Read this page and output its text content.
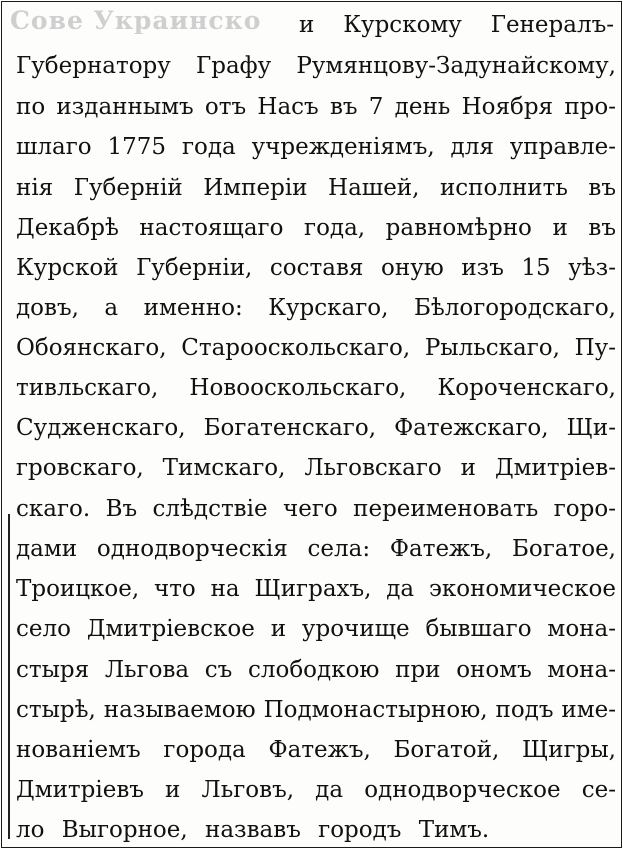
Сове Украинско	и Курскому Генералъ-
Губернатору Графу Румянцову-Задунайскому,
по изданнымъ отъ Насъ въ 7 день Ноября про-
шлаго 1775 года учрежденіямъ, для управле-
нія Губерній Имперіи Нашей, исполнить въ
Декабрѣ настоящаго года, равномѣрно и въ
Курской Губерніи, составя оную изъ 15 уѣз-
довъ, а именно: Курскаго, Бѣлогородскаго,
Обоянскаго, Старооскольскаго, Рыльскаго, Пу-
тивльскаго, Новооскольскаго, Короченскаго,
Судженскаго, Богатенскаго, Фатежскаго, Щи-
гровскаго, Тимскаго, Льговскаго и Дмитріев-
скаго. Въ слѣдствіе чего переименовать горо-
дами однодворческія села: Фатежъ, Богатое,
Троицкое, что на Щиграхъ, да экономическое
село Дмитріевское и урочище бывшаго мона-
стыря Льгова съ слободкою при ономъ мона-
стырѣ, называемою Подмонастырною, подъ име-
нованіемъ города Фатежъ, Богатой, Щигры,
Дмитріевъ и Льговъ, да однодворческое се-
ло Выгорное, назвавъ городъ Тимъ.
